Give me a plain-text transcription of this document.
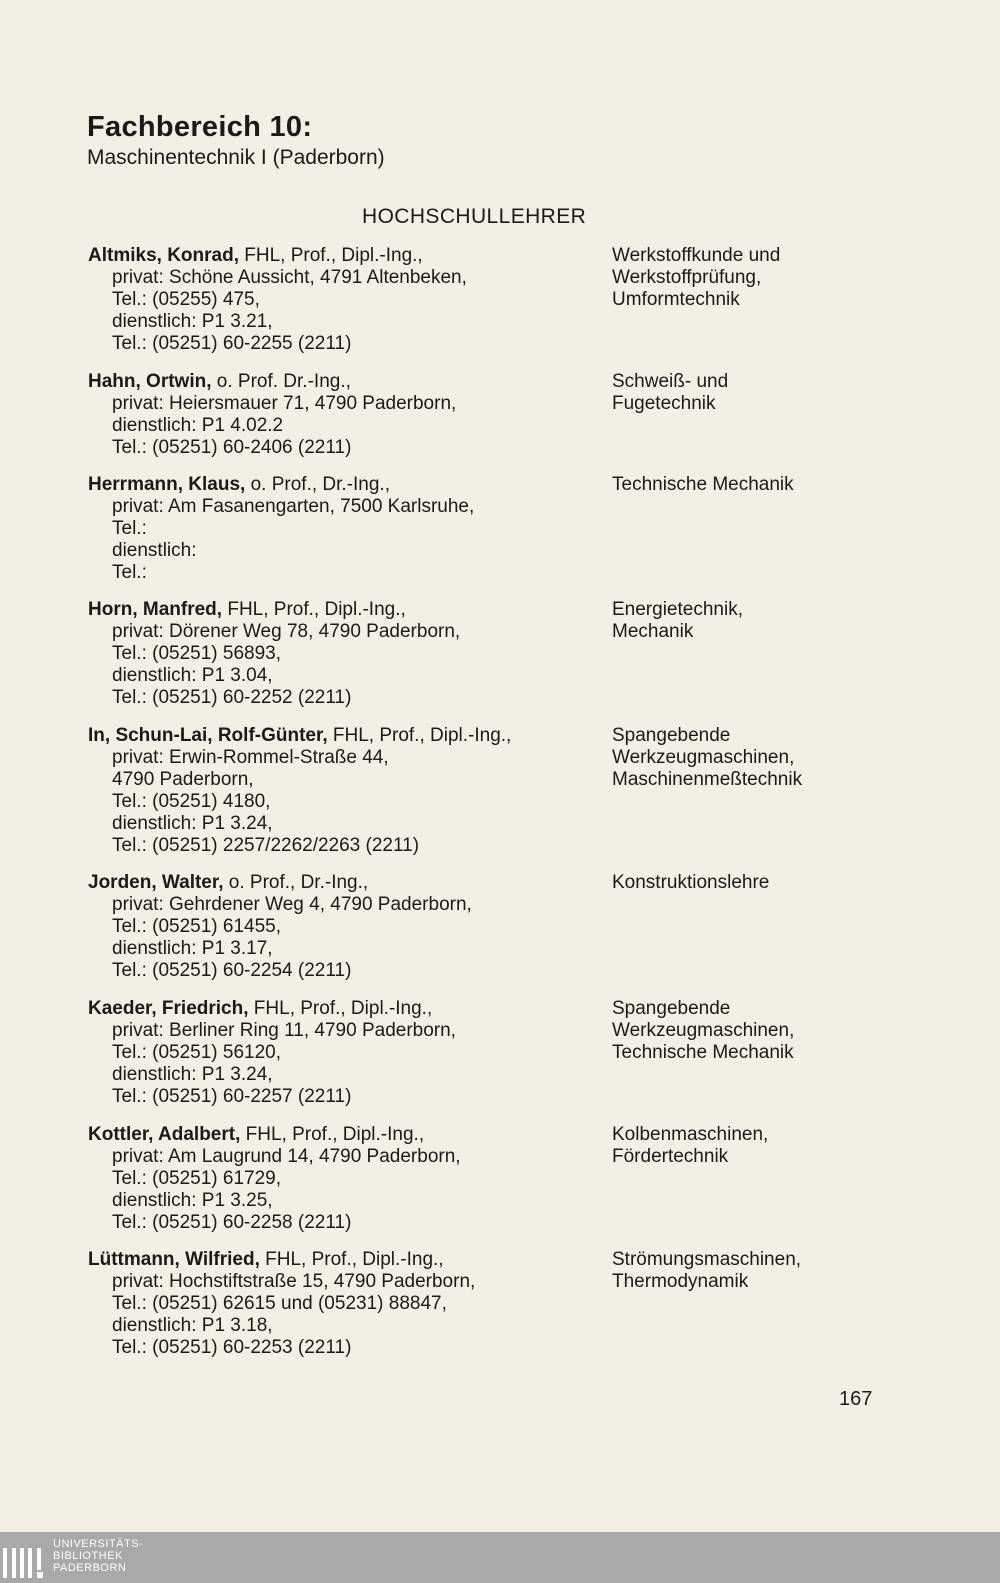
Fachbereich 10:
Maschinentechnik I (Paderborn)
HOCHSCHULLEHRER
Altmiks, Konrad, FHL, Prof., Dipl.-Ing.,
privat: Schöne Aussicht, 4791 Altenbeken,
Tel.: (05255) 475,
dienstlich: P1 3.21,
Tel.: (05251) 60-2255 (2211)
Werkstoffkunde und
Werkstoffprüfung,
Umformtechnik
Hahn, Ortwin, o. Prof. Dr.-Ing.,
privat: Heiersmauer 71, 4790 Paderborn,
dienstlich: P1 4.02.2
Tel.: (05251) 60-2406 (2211)
Schweiß- und
Fugetechnik
Herrmann, Klaus, o. Prof., Dr.-Ing.,
privat: Am Fasanengarten, 7500 Karlsruhe,
Tel.:
dienstlich:
Tel.:
Technische Mechanik
Horn, Manfred, FHL, Prof., Dipl.-Ing.,
privat: Dörener Weg 78, 4790 Paderborn,
Tel.: (05251) 56893,
dienstlich: P1 3.04,
Tel.: (05251) 60-2252 (2211)
Energietechnik,
Mechanik
In, Schun-Lai, Rolf-Günter, FHL, Prof., Dipl.-Ing.,
privat: Erwin-Rommel-Straße 44,
4790 Paderborn,
Tel.: (05251) 4180,
dienstlich: P1 3.24,
Tel.: (05251) 2257/2262/2263 (2211)
Spangebende
Werkzeugmaschinen,
Maschinenmeßtechnik
Jorden, Walter, o. Prof., Dr.-Ing.,
privat: Gehrdener Weg 4, 4790 Paderborn,
Tel.: (05251) 61455,
dienstlich: P1 3.17,
Tel.: (05251) 60-2254 (2211)
Konstruktionslehre
Kaeder, Friedrich, FHL, Prof., Dipl.-Ing.,
privat: Berliner Ring 11, 4790 Paderborn,
Tel.: (05251) 56120,
dienstlich: P1 3.24,
Tel.: (05251) 60-2257 (2211)
Spangebende
Werkzeugmaschinen,
Technische Mechanik
Kottler, Adalbert, FHL, Prof., Dipl.-Ing.,
privat: Am Laugrund 14, 4790 Paderborn,
Tel.: (05251) 61729,
dienstlich: P1 3.25,
Tel.: (05251) 60-2258 (2211)
Kolbenmaschinen,
Fördertechnik
Lüttmann, Wilfried, FHL, Prof., Dipl.-Ing.,
privat: Hochstiftstraße 15, 4790 Paderborn,
Tel.: (05251) 62615 und (05231) 88847,
dienstlich: P1 3.18,
Tel.: (05251) 60-2253 (2211)
Strömungsmaschinen,
Thermodynamik
167
UNIVERSITÄTS-
BIBLIOTHEK
PADERBORN
